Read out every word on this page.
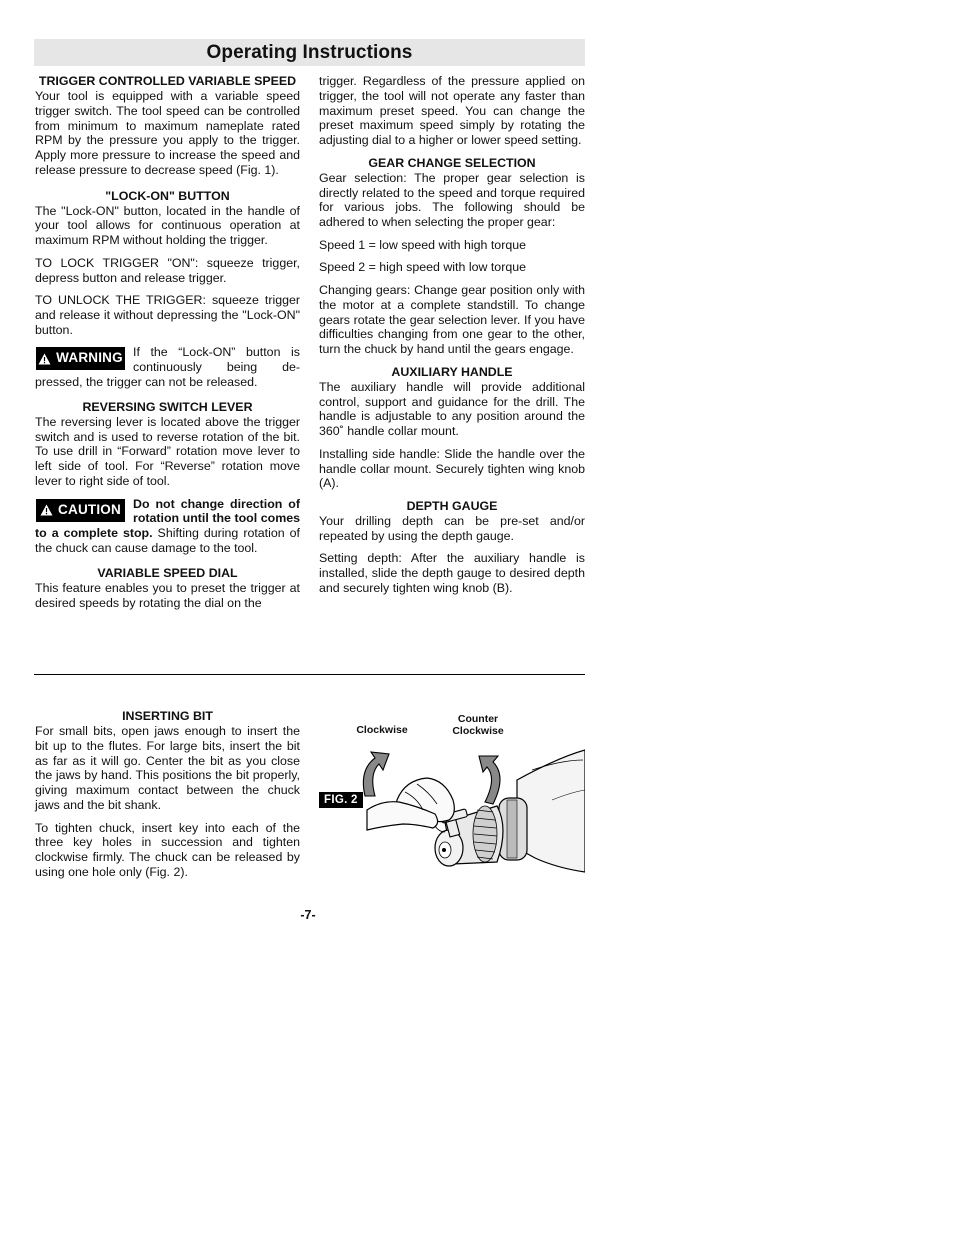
Operating Instructions
TRIGGER CONTROLLED VARIABLE SPEED

Your tool is equipped with a variable speed trigger switch. The tool speed can be controlled from minimum to maximum nameplate rated RPM by the pressure you apply to the trigger. Apply more pressure to increase the speed and release pressure to decrease speed (Fig. 1).

"LOCK-ON" BUTTON

The "Lock-ON" button, located in the handle of your tool allows for continuous operation at maximum RPM without holding the trigger.

TO LOCK TRIGGER "ON": squeeze trigger, depress button and release trigger.

TO UNLOCK THE TRIGGER: squeeze trigger and release it without depressing the "Lock-ON" button.

WARNING If the “Lock-ON” button is continuously being de-pressed, the trigger can not be released.
REVERSING SWITCH LEVER

The reversing lever is located above the trigger switch and is used to reverse rotation of the bit. To use drill in “Forward” rotation move lever to left side of tool. For “Reverse” rotation move lever to right side of tool.

CAUTION Do not change direction of rotation until the tool comes to a complete stop. Shifting during rotation of the chuck can cause damage to the tool.
VARIABLE SPEED DIAL

This feature enables you to preset the trigger at desired speeds by rotating the dial on the

trigger. Regardless of the pressure applied on trigger, the tool will not operate any faster than maximum preset speed. You can change the preset maximum speed simply by rotating the adjusting dial to a higher or lower speed setting.

GEAR CHANGE SELECTION

Gear selection: The proper gear selection is directly related to the speed and torque required for various jobs. The following should be adhered to when selecting the proper gear:

Speed 1 = low speed with high torque

Speed 2 = high speed with low torque

Changing gears: Change gear position only with the motor at a complete standstill. To change gears rotate the gear selection lever. If you have difficulties changing from one gear to the other, turn the chuck by hand until the gears engage.

AUXILIARY HANDLE

The auxiliary handle will provide additional control, support and guidance for the drill. The handle is adjustable to any position around the 360˚ handle collar mount.

Installing side handle: Slide the handle over the handle collar mount. Securely tighten wing knob (A).

DEPTH GAUGE

Your drilling depth can be pre-set and/or repeated by using the depth gauge.

Setting depth: After the auxiliary handle is installed, slide the depth gauge to desired depth and securely tighten wing knob (B).

INSERTING BIT

For small bits, open jaws enough to insert the bit up to the flutes. For large bits, insert the bit as far as it will go. Center the bit as you close the jaws by hand. This positions the bit properly, giving maximum contact between the chuck jaws and the bit shank.

To tighten chuck, insert key into each of the three key holes in succession and tighten clockwise firmly. The chuck can be released by using one hole only (Fig. 2).

Clockwise
Counter
Clockwise
FIG. 2
-7-
